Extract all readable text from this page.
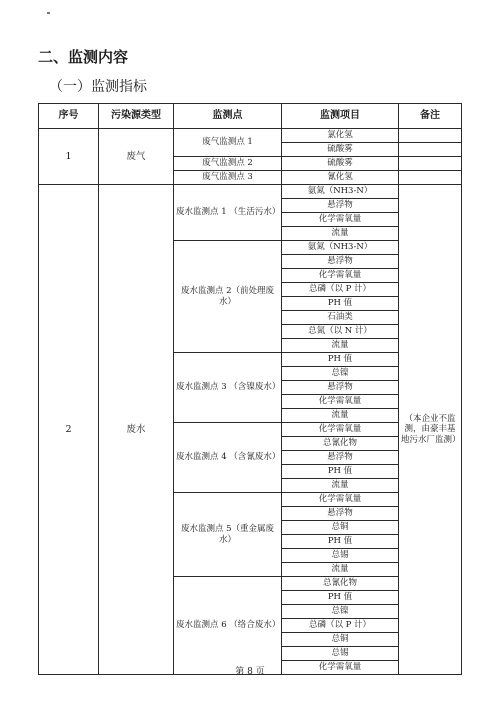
二、监测内容
（一）监测指标
序号	污染源类型	监测点	监测项目	备注
1	废气	废气监测点 1	氯化氢	
			硫酸雾	
		废气监测点 2	硫酸雾	
		废气监测点 3	氰化氢	
2	废水	废水监测点 1 （生活污水）	氨氮（NH3-N）	（本企业不监测，由豪丰基地污水厂监测）
			悬浮物	
			化学需氧量	
			流量	
		废水监测点 2（前处理废水）	氨氮（NH3-N）	
			悬浮物	
			化学需氧量	
			总磷（以 P 计）	
			PH 值	
			石油类	
			总氮（以 N 计）	
			流量	
		废水监测点 3 （含镍废水）	PH 值	
			总镍	
			悬浮物	
			化学需氧量	
			流量	
		废水监测点 4 （含氰废水）	化学需氧量	
			总氰化物	
			悬浮物	
			PH 值	
			流量	
		废水监测点 5（重金属废水）	化学需氧量	
			悬浮物	
			总铜	
			PH 值	
			总锡	
			流量	
		废水监测点 6 （络合废水）	总氰化物	
			PH 值	
			总镍	
			总磷（以 P 计）	
			总铜	
			总锡	
			化学需氧量	
第 8 页
